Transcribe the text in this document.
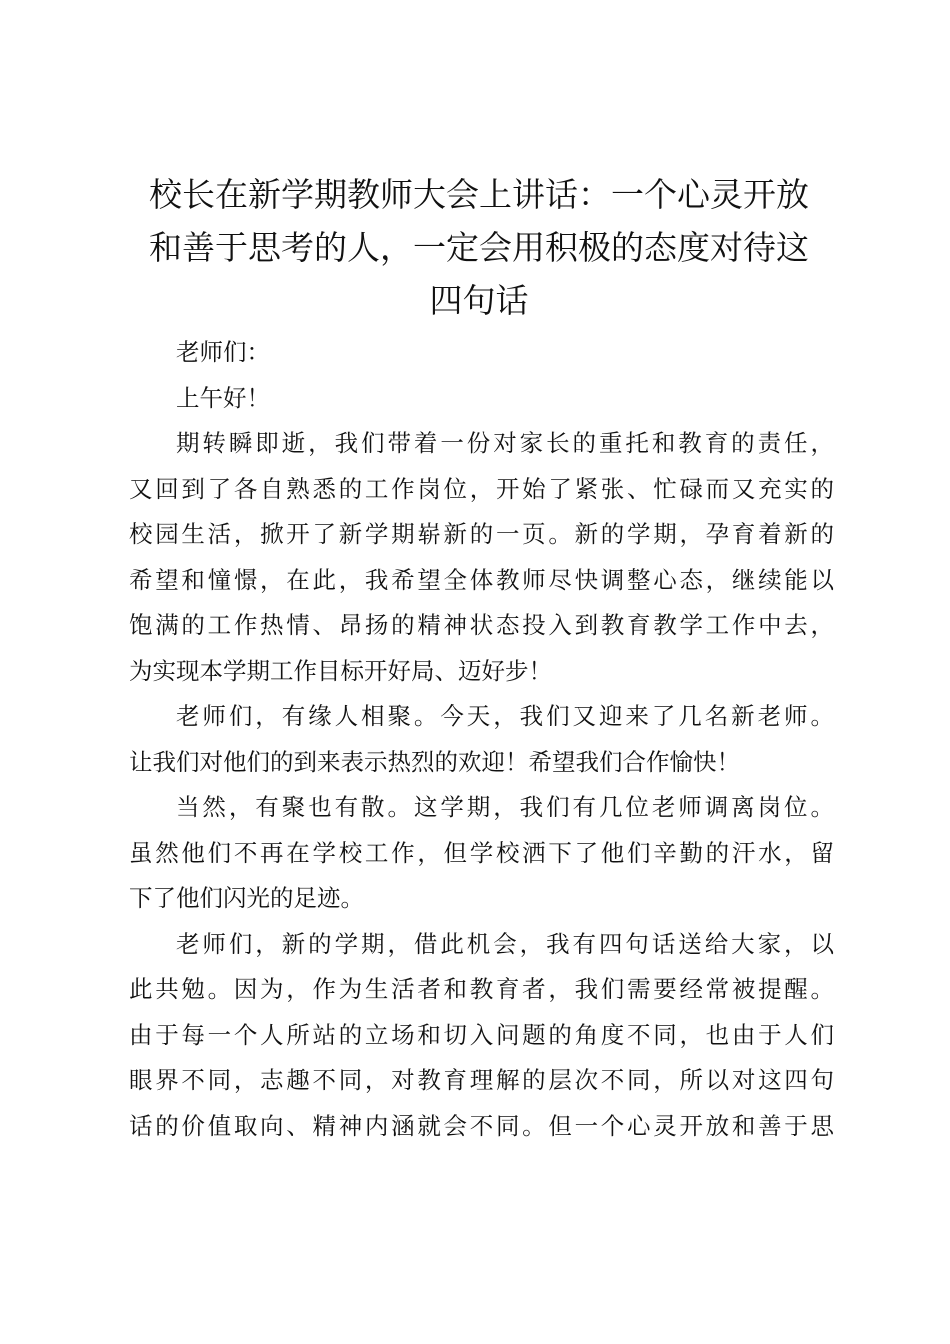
校长在新学期教师大会上讲话：一个心灵开放
和善于思考的人，一定会用积极的态度对待这
四句话
老师们：
上午好！
期转瞬即逝，我们带着一份对家长的重托和教育的责任，
又回到了各自熟悉的工作岗位，开始了紧张、忙碌而又充实的
校园生活，掀开了新学期崭新的一页。新的学期，孕育着新的
希望和憧憬，在此，我希望全体教师尽快调整心态，继续能以
饱满的工作热情、昂扬的精神状态投入到教育教学工作中去，
为实现本学期工作目标开好局、迈好步！
老师们，有缘人相聚。今天，我们又迎来了几名新老师。
让我们对他们的到来表示热烈的欢迎！希望我们合作愉快！
当然，有聚也有散。这学期，我们有几位老师调离岗位。
虽然他们不再在学校工作，但学校洒下了他们辛勤的汗水，留
下了他们闪光的足迹。
老师们，新的学期，借此机会，我有四句话送给大家，以
此共勉。因为，作为生活者和教育者，我们需要经常被提醒。
由于每一个人所站的立场和切入问题的角度不同，也由于人们
眼界不同，志趣不同，对教育理解的层次不同，所以对这四句
话的价值取向、精神内涵就会不同。但一个心灵开放和善于思
